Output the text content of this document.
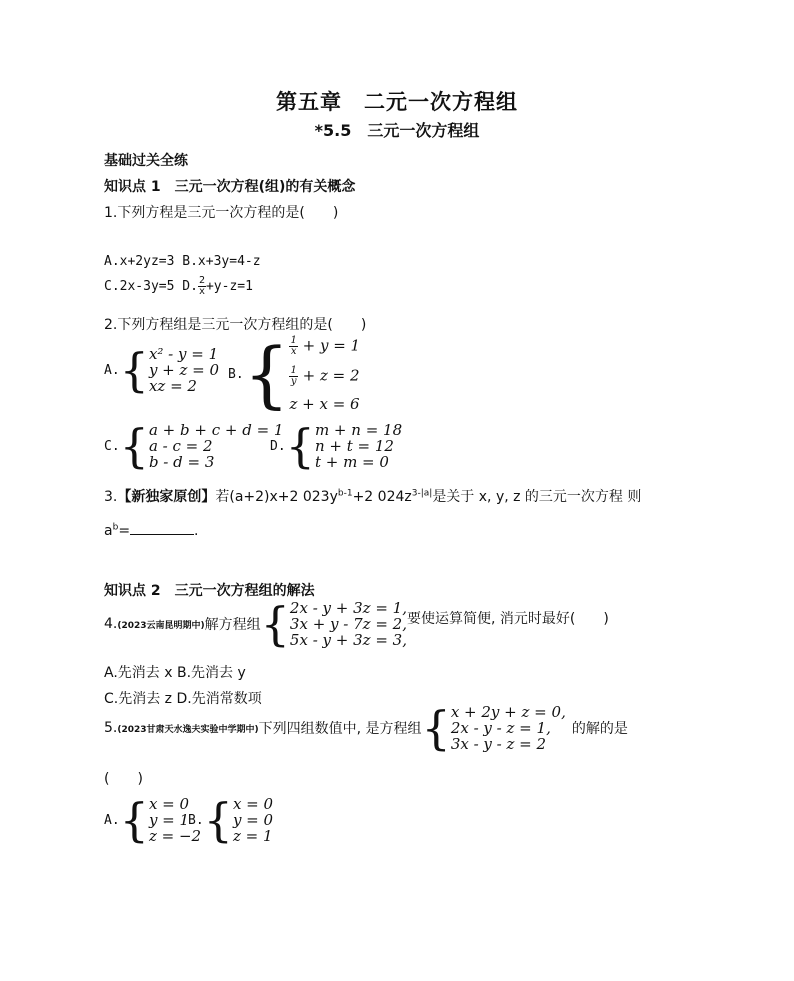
第五章　二元一次方程组
*5.5　三元一次方程组
基础过关全练
知识点 1　三元一次方程(组)的有关概念
1.下列方程是三元一次方程的是(　　)
A.x+2yz=3 B.x+3y=4-z
C.2x-3y=5 D. $\frac{2}{x} +y-z=1$
2.下列方程组是三元一次方程组的是(　　)
A. { x² - y = 1
y + z = 0
xz = 2
B. { $\frac{1}{x} + y = 1$
$\frac{1}{y} + z = 2$
z + x = 6
C. { a + b + c + d = 1
a - c = 2
b - d = 3
D. { m + n = 18
n + t = 12
t + m = 0
3.【新独家原创】若(a+2)x+2 $023y^{b-1}+2$ $024z^{3-|a|}$是关于 x, y, z 的三元一次方程 则
$a^b=$	.
知识点 2　三元一次方程组的解法
4. (2023云南昆明期中) 解方程组 { 2x - y + 3z = 1,
3x + y - 7z = 2,
5x - y + 3z = 3,
要使运算简便, 消元时最好(　　)
A.先消去 x B.先消去 y
C.先消去 z D.先消常数项
5. (2023甘肃天水逸夫实验中学期中) 下列四组数值中, 是方程组 { x + 2y + z = 0,
2x - y - z = 1,
3x - y - z = 2
的解的是
(　　)
A. { x = 0
y = 1
z = −2
B. { x = 0
y = 0
z = 1
